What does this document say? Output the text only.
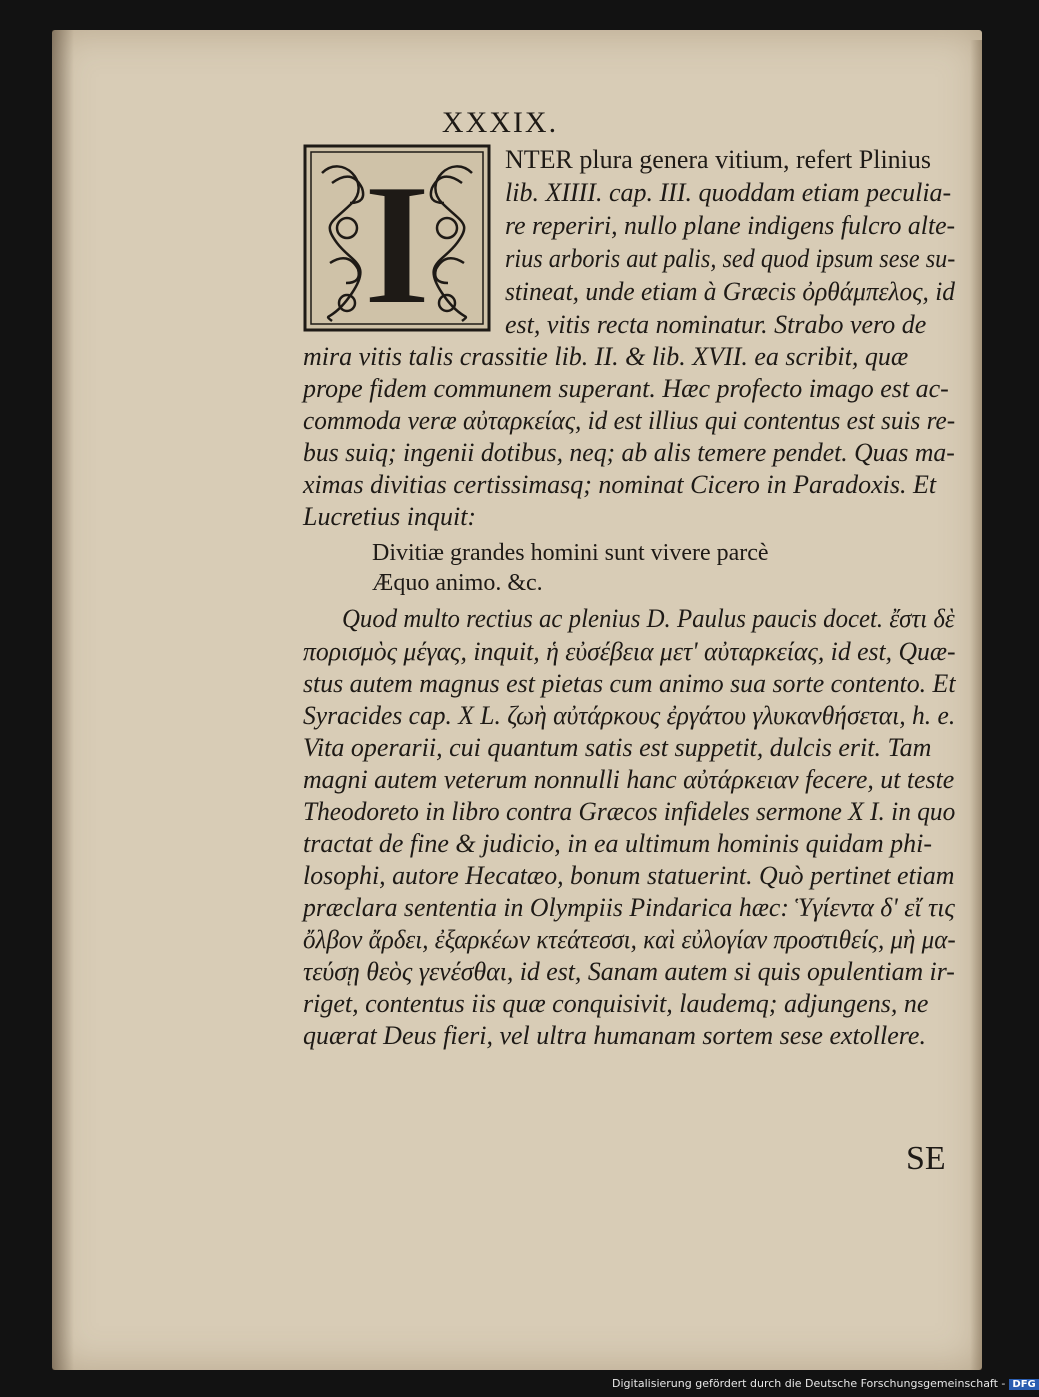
XXXIX.
I	NTER plura genera vitium, refert Plinius
lib. XIIII. cap. III. quoddam etiam peculia-
re reperiri, nullo plane indigens fulcro alte-
rius arboris aut palis, sed quod ipsum sese su-
stineat, unde etiam à Græcis ὀρθάμπελος, id
est, vitis recta nominatur. Strabo vero de
mira vitis talis crassitie lib. II. & lib. XVII. ea scribit, quæ
prope fidem communem superant. Hæc profecto imago est ac-
commoda veræ αὐταρκείας, id est illius qui contentus est suis re-
bus suiq; ingenii dotibus, neq; ab alis temere pendet. Quas ma-
ximas divitias certissimasq; nominat Cicero in Paradoxis. Et
Lucretius inquit:
Divitiæ grandes homini sunt vivere parcè
Æquo animo. &c.
Quod multo rectius ac plenius D. Paulus paucis docet. ἔστι δὲ
πορισμὸς μέγας, inquit, ἡ εὐσέβεια μετ' αὐταρκείας, id est, Quæ-
stus autem magnus est pietas cum animo sua sorte contento. Et
Syracides cap. X L. ζωὴ αὐτάρκους ἐργάτου γλυκανθήσεται, h. e.
Vita operarii, cui quantum satis est suppetit, dulcis erit. Tam
magni autem veterum nonnulli hanc αὐτάρκειαν fecere, ut teste
Theodoreto in libro contra Græcos infideles sermone X I. in quo
tractat de fine & judicio, in ea ultimum hominis quidam phi-
losophi, autore Hecatæo, bonum statuerint. Quò pertinet etiam
præclara sententia in Olympiis Pindarica hæc: Ὑγίεντα δ' εἴ τις
ὄλβον ἄρδει, ἐξαρκέων κτεάτεσσι, καὶ εὐλογίαν προστιθείς, μὴ μα-
τεύσῃ θεὸς γενέσθαι, id est, Sanam autem si quis opulentiam ir-
riget, contentus iis quæ conquisivit, laudemq; adjungens, ne
quærat Deus fieri, vel ultra humanam sortem sese extollere.
SE
Digitalisierung gefördert durch die Deutsche Forschungsgemeinschaft - DFG
